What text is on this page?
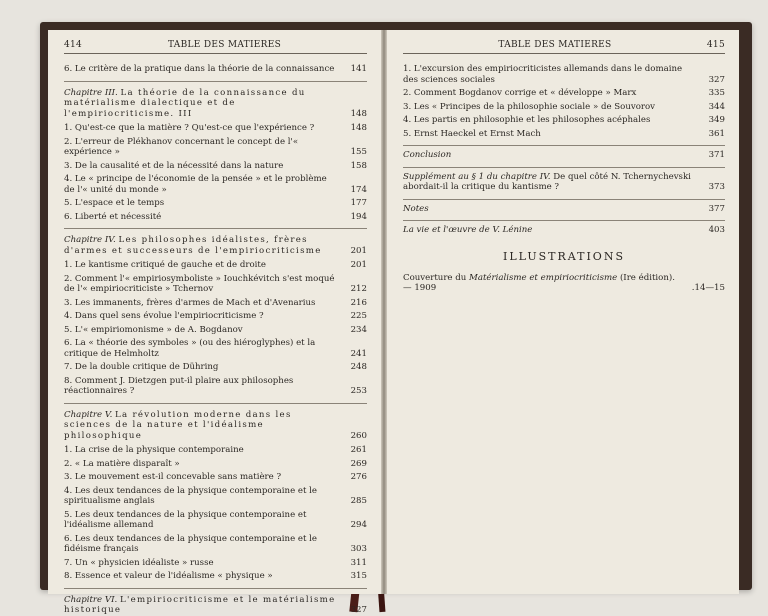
414	TABLE DES MATIERES
6. Le critère de la pratique dans la théorie de la connaissance	141
Chapitre III. La théorie de la connaissance du matérialisme dialectique et de l'empiriocriticisme. III	148
1. Qu'est-ce que la matière ? Qu'est-ce que l'expérience ?	148
2. L'erreur de Plékhanov concernant le concept de l'« expérience »	155
3. De la causalité et de la nécessité dans la nature	158
4. Le « principe de l'économie de la pensée » et le problème de l'« unité du monde »	174
5. L'espace et le temps	177
6. Liberté et nécessité	194
Chapitre IV. Les philosophes idéalistes, frères d'armes et successeurs de l'empiriocriticisme	201
1. Le kantisme critiqué de gauche et de droite	201
2. Comment l'« empiriosymboliste » Iouchkévitch s'est moqué de l'« empiriocriticiste » Tchernov	212
3. Les immanents, frères d'armes de Mach et d'Avenarius	216
4. Dans quel sens évolue l'empiriocriticisme ?	225
5. L'« empiriomonisme » de A. Bogdanov	234
6. La « théorie des symboles » (ou des hiéroglyphes) et la critique de Helmholtz	241
7. De la double critique de Dühring	248
8. Comment J. Dietzgen put-il plaire aux philosophes réactionnaires ?	253
Chapitre V. La révolution moderne dans les sciences de la nature et l'idéalisme philosophique	260
1. La crise de la physique contemporaine	261
2. « La matière disparaît »	269
3. Le mouvement est-il concevable sans matière ?	276
4. Les deux tendances de la physique contemporaine et le spiritualisme anglais	285
5. Les deux tendances de la physique contemporaine et l'idéalisme allemand	294
6. Les deux tendances de la physique contemporaine et le fidéisme français	303
7. Un « physicien idéaliste » russe	311
8. Essence et valeur de l'idéalisme « physique »	315
Chapitre VI. L'empiriocriticisme et le matérialisme historique	327
TABLE DES MATIERES	415
1. L'excursion des empiriocriticistes allemands dans le domaine des sciences sociales	327
2. Comment Bogdanov corrige et « développe » Marx	335
3. Les « Principes de la philosophie sociale » de Souvorov	344
4. Les partis en philosophie et les philosophes acéphales	349
5. Ernst Haeckel et Ernst Mach	361
Conclusion	371
Supplément au § 1 du chapitre IV. De quel côté N. Tchernychevski abordait-il la critique du kantisme ?	373
Notes	377
La vie et l'œuvre de V. Lénine	403
ILLUSTRATIONS
Couverture du Matérialisme et empiriocriticisme (Ire édition). — 1909	.14—15
